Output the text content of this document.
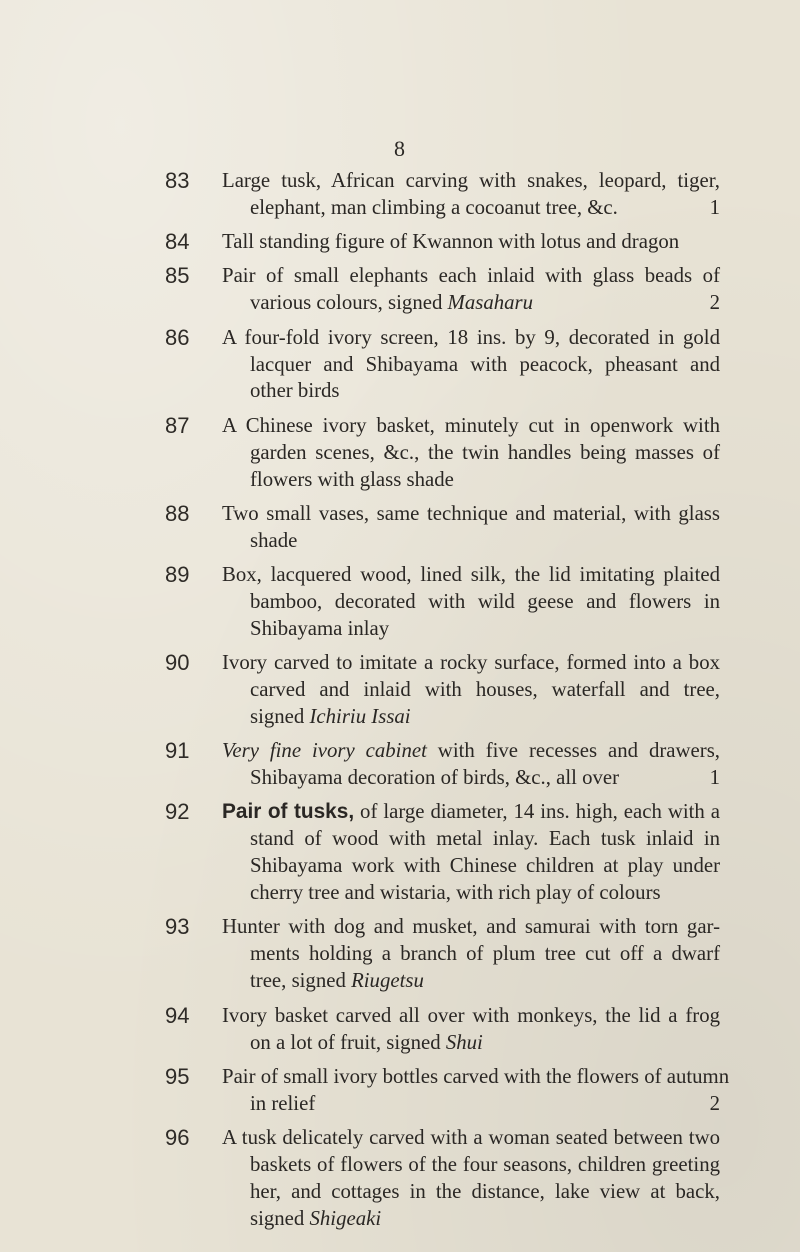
8
83 Large tusk, African carving with snakes, leopard, tiger,
elephant, man climbing a cocoanut tree, &c.	1
84 Tall standing figure of Kwannon with lotus and dragon
85 Pair of small elephants each inlaid with glass beads of
various colours, signed Masaharu	2
86 A four-fold ivory screen, 18 ins. by 9, decorated in gold
lacquer and Shibayama with peacock, pheasant and
other birds
87 A Chinese ivory basket, minutely cut in openwork with
garden scenes, &c., the twin handles being masses of
flowers with glass shade
88 Two small vases, same technique and material, with glass
shade
89 Box, lacquered wood, lined silk, the lid imitating plaited
bamboo, decorated with wild geese and flowers in
Shibayama inlay
90 Ivory carved to imitate a rocky surface, formed into a box
carved and inlaid with houses, waterfall and tree,
signed Ichiriu Issai
91 Very fine ivory cabinet with five recesses and drawers,
Shibayama decoration of birds, &c., all over	1
92 Pair of tusks, of large diameter, 14 ins. high, each with a
stand of wood with metal inlay. Each tusk inlaid in
Shibayama work with Chinese children at play under
cherry tree and wistaria, with rich play of colours
93 Hunter with dog and musket, and samurai with torn gar-
ments holding a branch of plum tree cut off a dwarf
tree, signed Riugetsu
94 Ivory basket carved all over with monkeys, the lid a frog
on a lot of fruit, signed Shui
95 Pair of small ivory bottles carved with the flowers of autumn
in relief	2
96 A tusk delicately carved with a woman seated between two
baskets of flowers of the four seasons, children greeting
her, and cottages in the distance, lake view at back,
signed Shigeaki
